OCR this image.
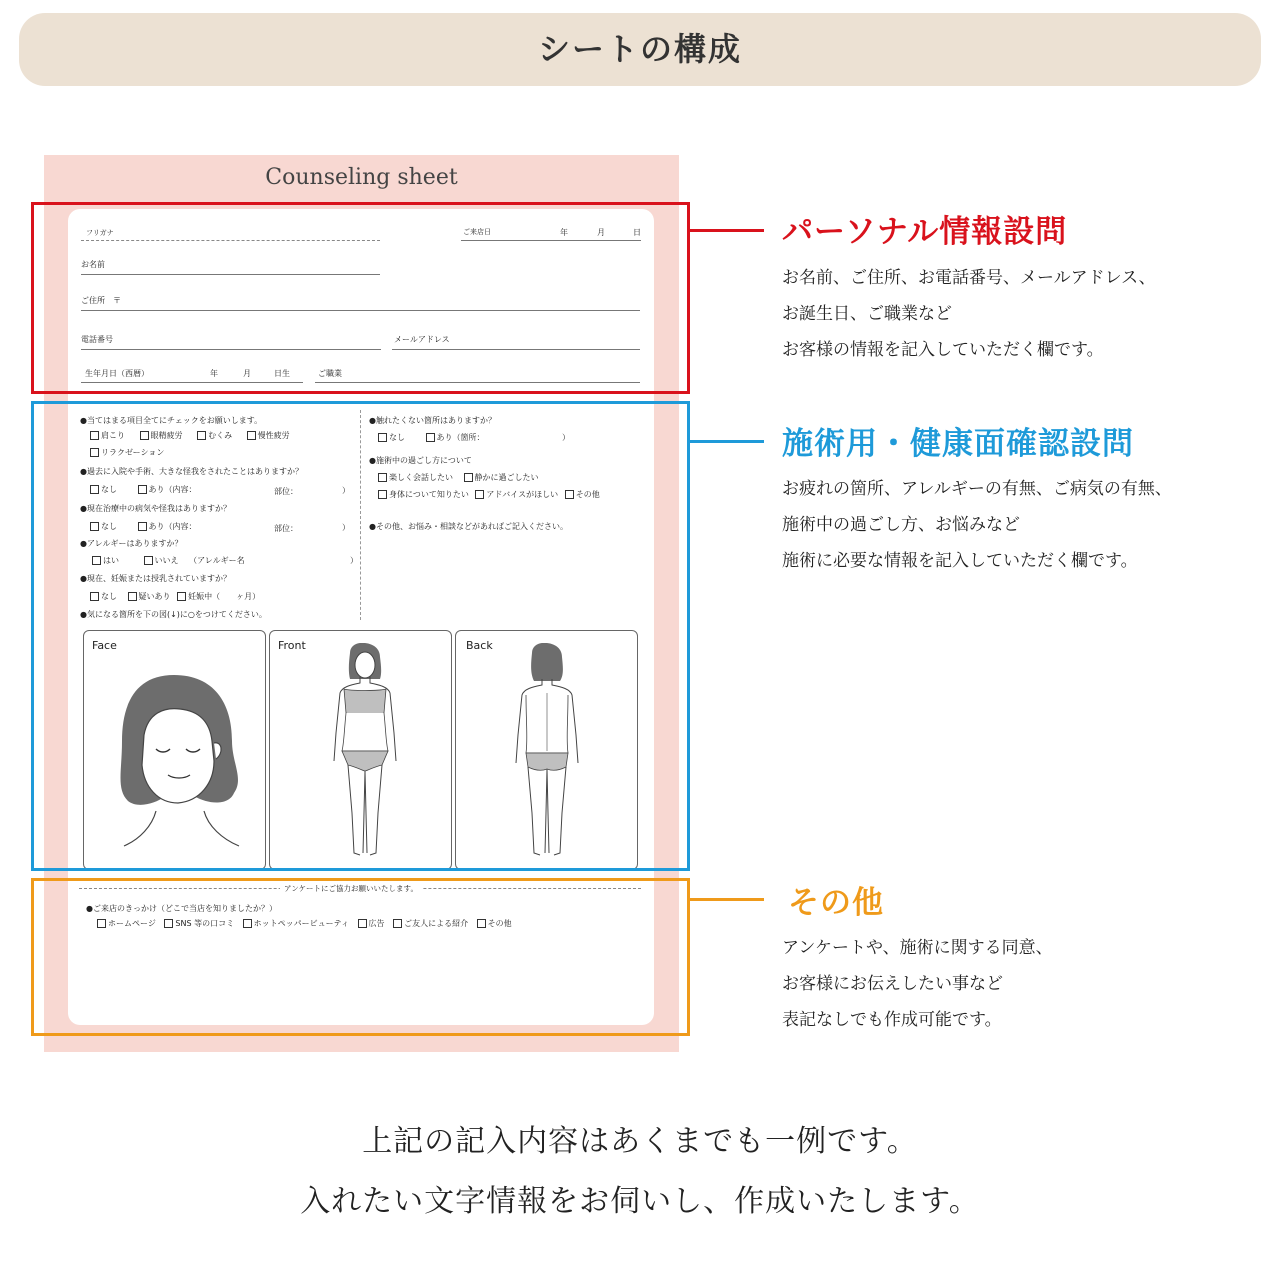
シートの構成
Counseling sheet
フリガナ	ご来店日	年	月	日
お名前
ご住所　〒
電話番号	メールアドレス
生年月日（西暦）	年	月	日生	ご職業
●当てはまる項目全てにチェックをお願いします。
肩こり	眼精疲労	むくみ	慢性疲労
リラクゼーション
●過去に入院や手術、大きな怪我をされたことはありますか？
なし	あり（内容：	部位：	）
●現在治療中の病気や怪我はありますか？
なし	あり（内容：	部位：	）
●アレルギーはありますか？
はい	いいえ （アレルギー名	）
●現在、妊娠または授乳されていますか？
なし	疑いあり 妊娠中（　　ヶ月）
●気になる箇所を下の図(↓)に○をつけてください。
●触れたくない箇所はありますか？
なし	あり（箇所：	）
●施術中の過ごし方について
楽しく会話したい	静かに過ごしたい
身体について知りたい アドバイスがほしい その他
●その他、お悩み・相談などがあればご記入ください。
Face	Front	Back
アンケートにご協力お願いいたします。
●ご来店のきっかけ（どこで当店を知りましたか？）
ホームページ SNS 等の口コミ ホットペッパービューティ 広告 ご友人による紹介 その他
パーソナル情報設問
お名前、ご住所、お電話番号、メールアドレス、
お誕生日、ご職業など
お客様の情報を記入していただく欄です。
施術用・健康面確認設問
お疲れの箇所、アレルギーの有無、ご病気の有無、
施術中の過ごし方、お悩みなど
施術に必要な情報を記入していただく欄です。
その他
アンケートや、施術に関する同意、
お客様にお伝えしたい事など
表記なしでも作成可能です。
上記の記入内容はあくまでも一例です。
入れたい文字情報をお伺いし、作成いたします。
